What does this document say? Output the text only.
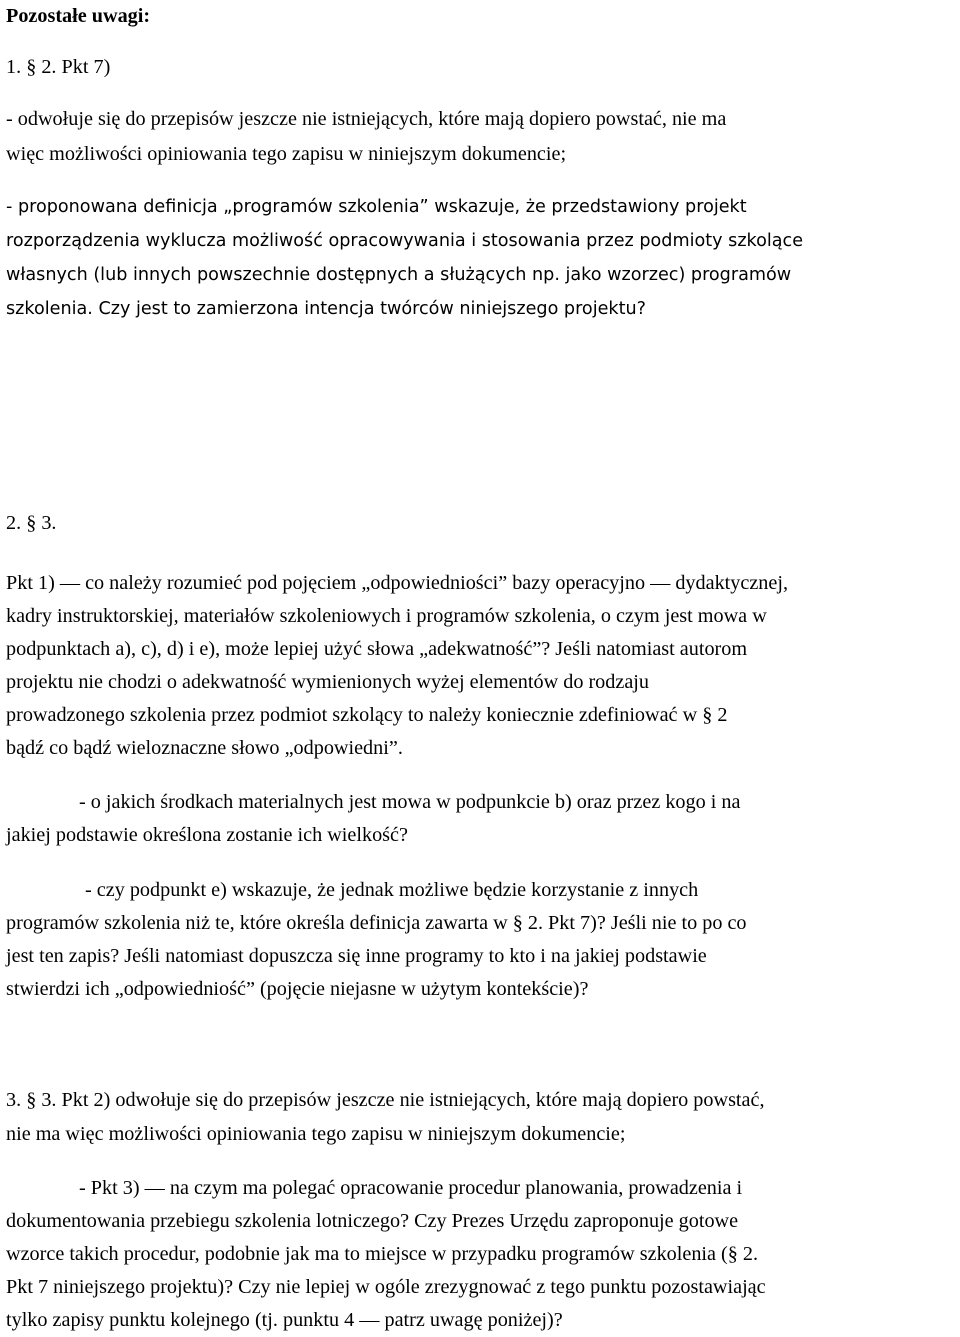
Pozostałe uwagi:
1. § 2. Pkt 7)
- odwołuje się do przepisów jeszcze nie istniejących, które mają dopiero powstać, nie ma
więc możliwości opiniowania tego zapisu w niniejszym dokumencie;
- proponowana definicja „programów szkolenia” wskazuje, że przedstawiony projekt
rozporządzenia wyklucza możliwość opracowywania i stosowania przez podmioty szkolące
własnych (lub innych powszechnie dostępnych a służących np. jako wzorzec) programów
szkolenia. Czy jest to zamierzona intencja twórców niniejszego projektu?
2. § 3.
Pkt 1) — co należy rozumieć pod pojęciem „odpowiedniości” bazy operacyjno — dydaktycznej,
kadry instruktorskiej, materiałów szkoleniowych i programów szkolenia, o czym jest mowa w
podpunktach a), c), d) i e), może lepiej użyć słowa „adekwatność”? Jeśli natomiast autorom
projektu nie chodzi o adekwatność wymienionych wyżej elementów do rodzaju
prowadzonego szkolenia przez podmiot szkolący to należy koniecznie zdefiniować w § 2
bądź co bądź wieloznaczne słowo „odpowiedni”.
- o jakich środkach materialnych jest mowa w podpunkcie b) oraz przez kogo i na
jakiej podstawie określona zostanie ich wielkość?
- czy podpunkt e) wskazuje, że jednak możliwe będzie korzystanie z innych
programów szkolenia niż te, które określa definicja zawarta w § 2. Pkt 7)? Jeśli nie to po co
jest ten zapis? Jeśli natomiast dopuszcza się inne programy to kto i na jakiej podstawie
stwierdzi ich „odpowiedniość” (pojęcie niejasne w użytym kontekście)?
3. § 3. Pkt 2) odwołuje się do przepisów jeszcze nie istniejących, które mają dopiero powstać,
nie ma więc możliwości opiniowania tego zapisu w niniejszym dokumencie;
- Pkt 3) — na czym ma polegać opracowanie procedur planowania, prowadzenia i
dokumentowania przebiegu szkolenia lotniczego? Czy Prezes Urzędu zaproponuje gotowe
wzorce takich procedur, podobnie jak ma to miejsce w przypadku programów szkolenia (§ 2.
Pkt 7 niniejszego projektu)? Czy nie lepiej w ogóle zrezygnować z tego punktu pozostawiając
tylko zapisy punktu kolejnego (tj. punktu 4 — patrz uwagę poniżej)?
